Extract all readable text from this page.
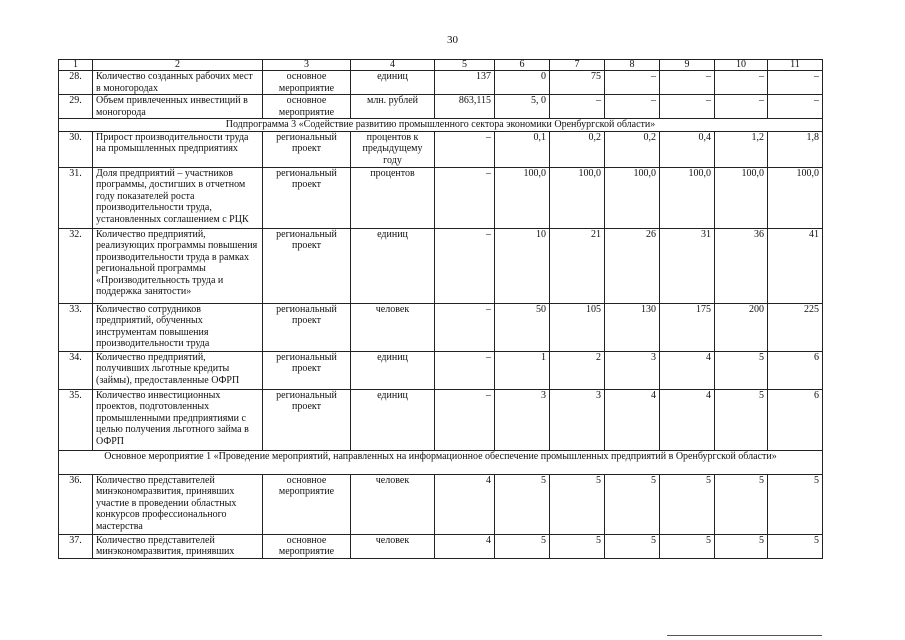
30
1	2	3	4	5	6	7	8	9	10	11
28.	Количество созданных рабочих мест в моногородах	основное мероприятие	единиц	137	0	75	–	–	–	–
29.	Объем привлеченных инвестиций в моногорода	основное мероприятие	млн. рублей	863,115	5, 0	–	–	–	–	–
Подпрограмма 3 «Содействие развитию промышленного сектора экономики Оренбургской области»										
30.	Прирост производительности труда на промышленных предприятиях	региональный проект	процентов к предыдущему году	–	0,1	0,2	0,2	0,4	1,2	1,8
31.	Доля предприятий – участников программы, достигших в отчетном году показателей роста производительности труда, установленных соглашением с РЦК	региональный проект	процентов	–	100,0	100,0	100,0	100,0	100,0	100,0
32.	Количество предприятий, реализующих программы повышения производительности труда в рамках региональной программы «Производительность труда и поддержка занятости»	региональный проект	единиц	–	10	21	26	31	36	41
33.	Количество сотрудников предприятий, обученных инструментам повышения производительности труда	региональный проект	человек	–	50	105	130	175	200	225
34.	Количество предприятий, получивших льготные кредиты (займы), предоставленные ОФРП	региональный проект	единиц	–	1	2	3	4	5	6
35.	Количество инвестиционных проектов, подготовленных промышленными предприятиями с целью получения льготного займа в ОФРП	региональный проект	единиц	–	3	3	4	4	5	6
Основное мероприятие 1 «Проведение мероприятий, направленных на информационное обеспечение промышленных предприятий в Оренбургской области»										
36.	Количество представителей минэкономразвития, принявших участие в проведении областных конкурсов профессионального мастерства	основное мероприятие	человек	4	5	5	5	5	5	5
37.	Количество представителей минэкономразвития, принявших	основное мероприятие	человек	4	5	5	5	5	5	5
